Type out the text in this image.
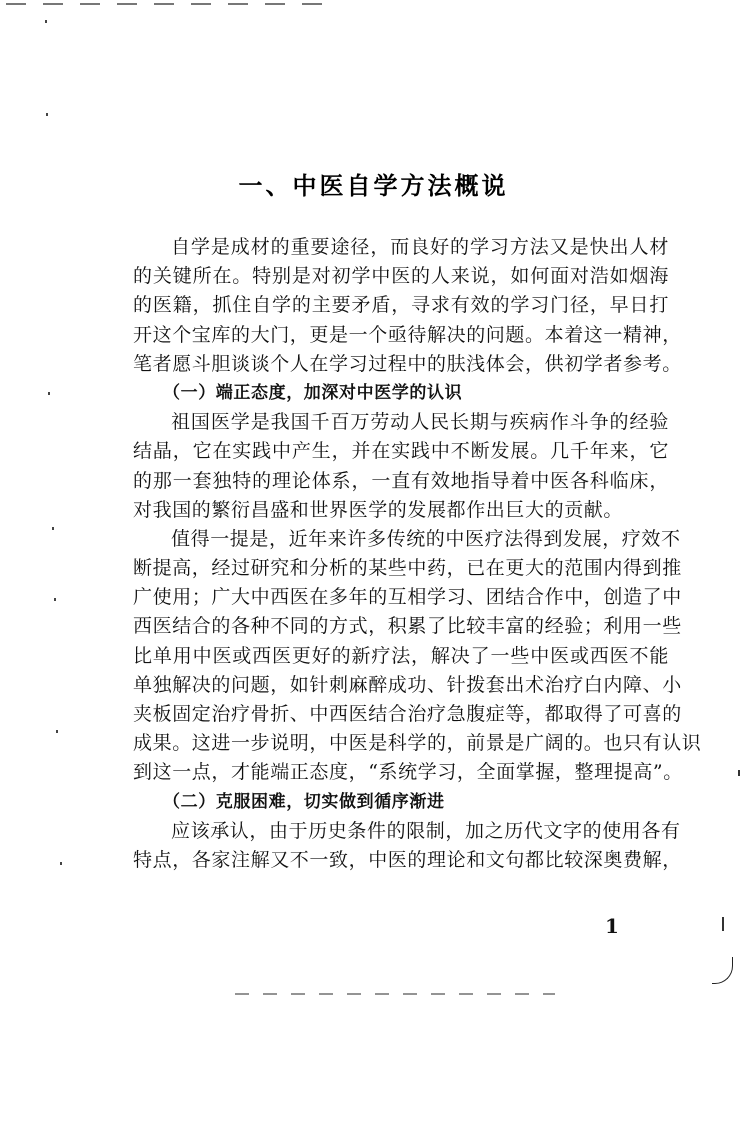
一、中医自学方法概说
自学是成材的重要途径，而良好的学习方法又是快出人材
的关键所在。特别是对初学中医的人来说，如何面对浩如烟海
的医籍，抓住自学的主要矛盾，寻求有效的学习门径，早日打
开这个宝库的大门，更是一个亟待解决的问题。本着这一精神，
笔者愿斗胆谈谈个人在学习过程中的肤浅体会，供初学者参考。
（一）端正态度，加深对中医学的认识
祖国医学是我国千百万劳动人民长期与疾病作斗争的经验
结晶，它在实践中产生，并在实践中不断发展。几千年来，它
的那一套独特的理论体系，一直有效地指导着中医各科临床，
对我国的繁衍昌盛和世界医学的发展都作出巨大的贡献。
值得一提是，近年来许多传统的中医疗法得到发展，疗效不
断提高，经过研究和分析的某些中药，已在更大的范围内得到推
广使用；广大中西医在多年的互相学习、团结合作中，创造了中
西医结合的各种不同的方式，积累了比较丰富的经验；利用一些
比单用中医或西医更好的新疗法，解决了一些中医或西医不能
单独解决的问题，如针刺麻醉成功、针拨套出术治疗白内障、小
夹板固定治疗骨折、中西医结合治疗急腹症等，都取得了可喜的
成果。这进一步说明，中医是科学的，前景是广阔的。也只有认识
到这一点，才能端正态度，“系统学习，全面掌握，整理提高”。
（二）克服困难，切实做到循序渐进
应该承认，由于历史条件的限制，加之历代文字的使用各有
特点，各家注解又不一致，中医的理论和文句都比较深奥费解，
1
